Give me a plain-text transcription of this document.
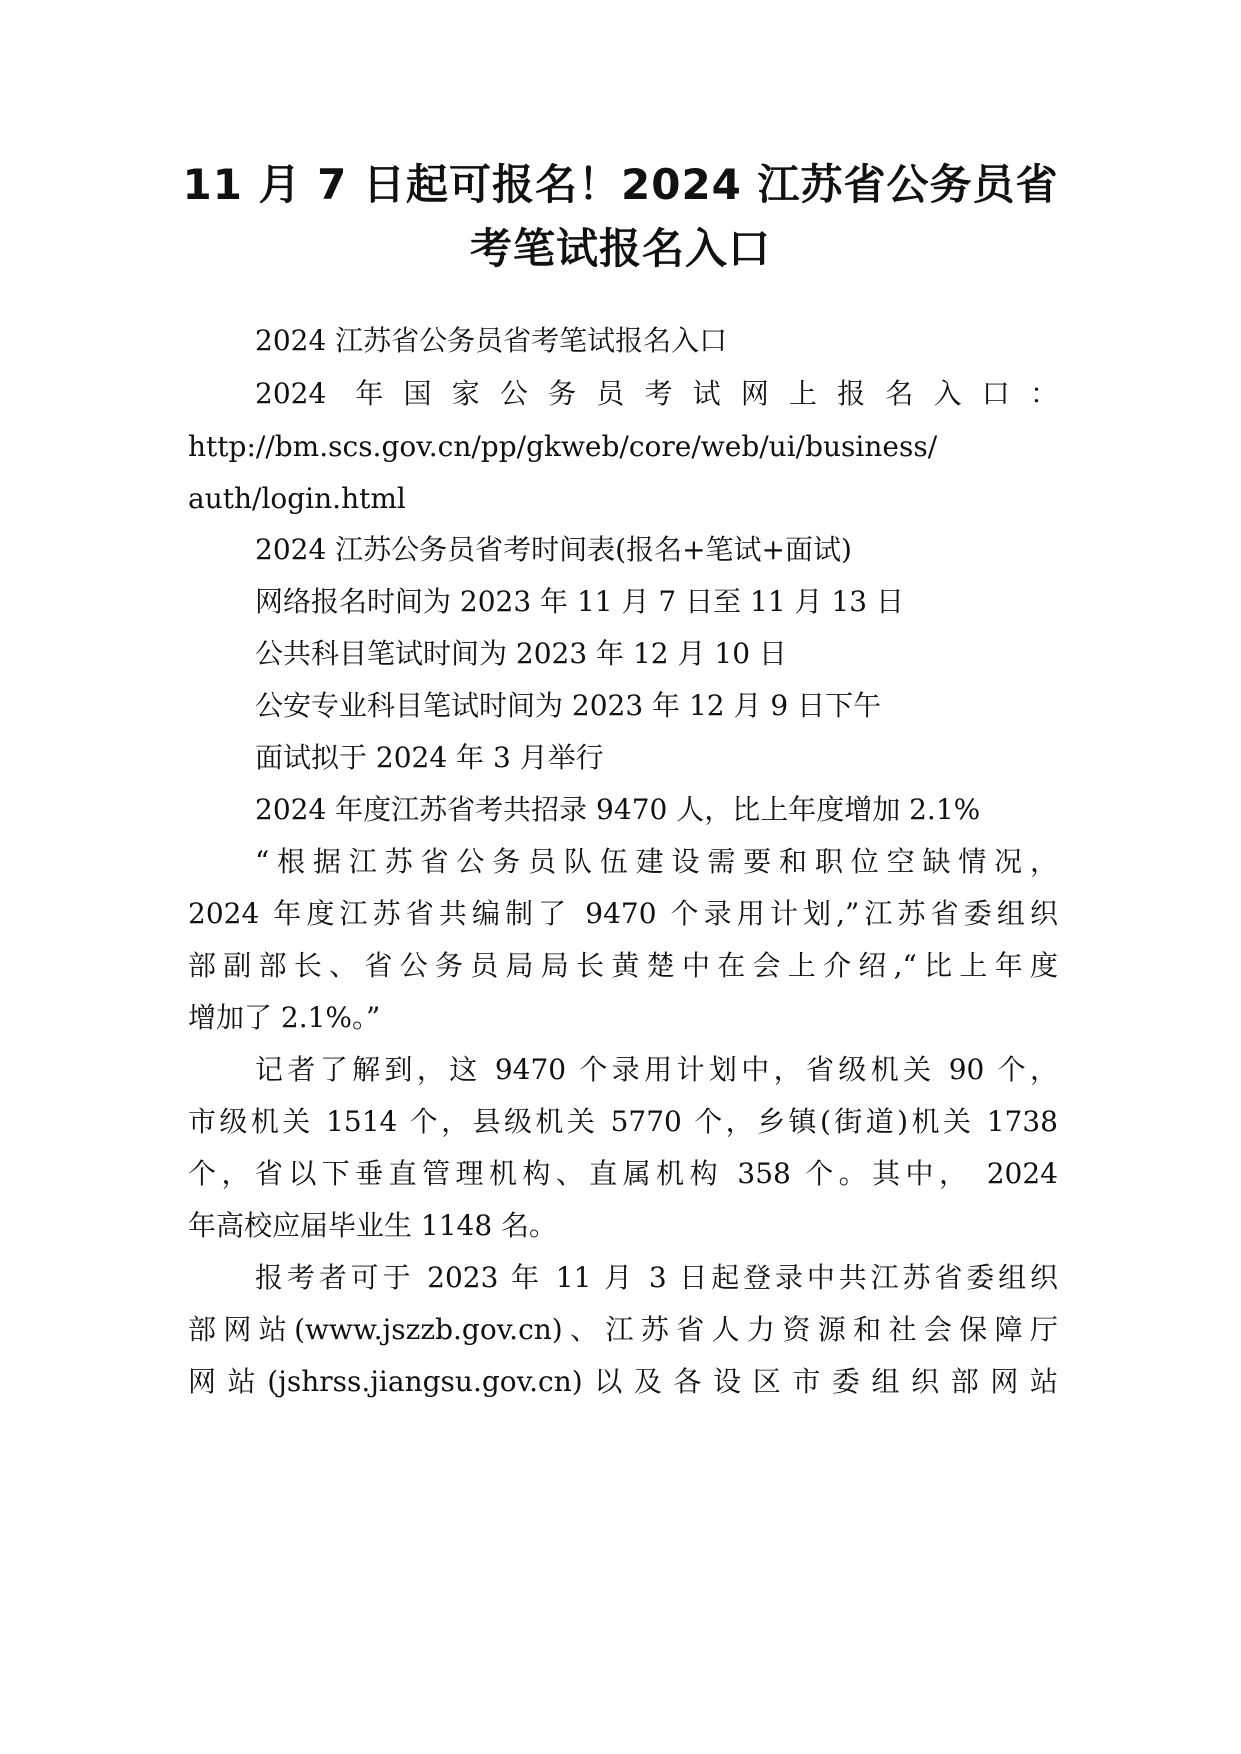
11 月 7 日起可报名！2024 江苏省公务员省
考笔试报名入口

2024 江苏省公务员省考笔试报名入口

2024 年国家公务员考试网上报名入口：

http://bm.scs.gov.cn/pp/gkweb/core/web/ui/business/

auth/login.html

2024 江苏公务员省考时间表(报名+笔试+面试)

网络报名时间为 2023 年 11 月 7 日至 11 月 13 日

公共科目笔试时间为 2023 年 12 月 10 日

公安专业科目笔试时间为 2023 年 12 月 9 日下午

面试拟于 2024 年 3 月举行

2024 年度江苏省考共招录 9470 人，比上年度增加 2.1%

“根据江苏省公务员队伍建设需要和职位空缺情况，

2024 年度江苏省共编制了 9470 个录用计划,”江苏省委组织

部副部长、省公务员局局长黄楚中在会上介绍,“比上年度

增加了 2.1%。”

记者了解到，这 9470 个录用计划中，省级机关 90 个，

市级机关 1514 个，县级机关 5770 个，乡镇(街道)机关 1738

个，省以下垂直管理机构、直属机构 358 个。其中， 2024

年高校应届毕业生 1148 名。

报考者可于 2023 年 11 月 3 日起登录中共江苏省委组织

部网站(www.jszzb.gov.cn)、江苏省人力资源和社会保障厅

网站(jshrss.jiangsu.gov.cn)以及各设区市委组织部网站
